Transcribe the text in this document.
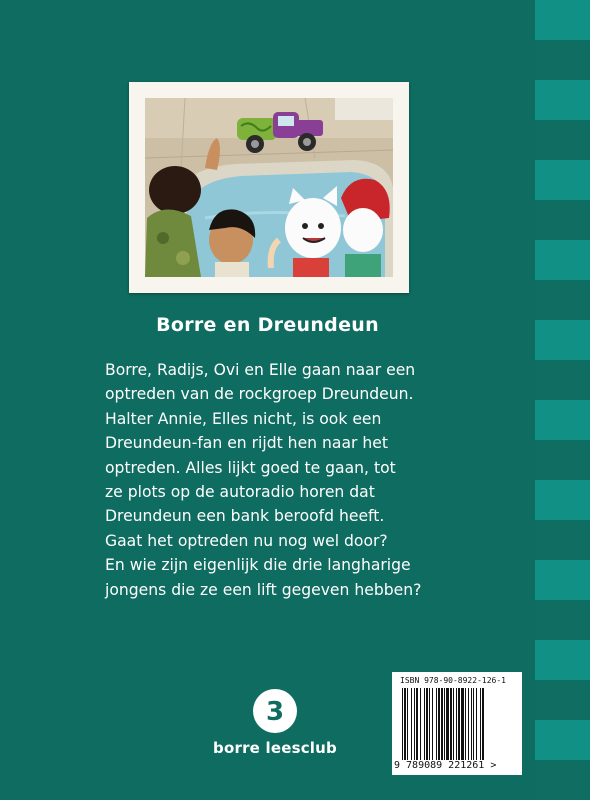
Borre en Dreundeun
Borre, Radijs, Ovi en Elle gaan naar een
optreden van de rockgroep Dreundeun.
Halter Annie, Elles nicht, is ook een
Dreundeun-fan en rijdt hen naar het
optreden. Alles lijkt goed te gaan, tot
ze plots op de autoradio horen dat
Dreundeun een bank beroofd heeft.
Gaat het optreden nu nog wel door?
En wie zijn eigenlijk die drie langharige
jongens die ze een lift gegeven hebben?
3
borre leesclub
ISBN 978-90-8922-126-1
9 789089 221261 >
